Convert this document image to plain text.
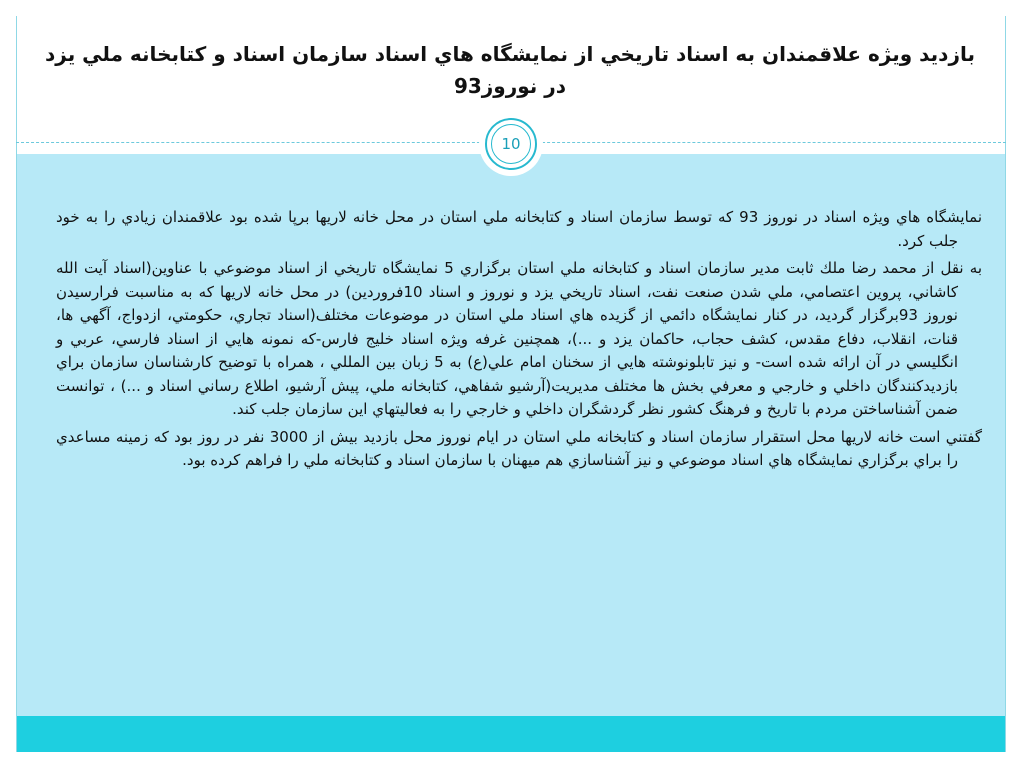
بازديد ويژه علاقمندان به اسناد تاريخي از نمايشگاه هاي اسناد سازمان اسناد و کتابخانه ملي يزد در نوروز93

10

نمايشگاه هاي ويژه اسناد در نوروز 93 كه توسط سازمان اسناد و كتابخانه ملي استان در محل خانه لاريها برپا شده بود علاقمندان زيادي را به خود جلب كرد.

به نقل از محمد رضا ملك ثابت مدير سازمان اسناد و كتابخانه ملي استان برگزاري 5 نمايشگاه تاريخي از اسناد موضوعي با عناوين(اسناد آيت الله كاشاني، پروين اعتصامي، ملي شدن صنعت نفت، اسناد تاريخي يزد و نوروز و اسناد 10فروردين) در محل خانه لاريها كه به مناسبت فرارسيدن نوروز 93برگزار گرديد، در كنار نمايشگاه دائمي از گزيده هاي اسناد ملي استان در موضوعات مختلف(اسناد تجاري، حكومتي، ازدواج، آگهي ها، قنات، انقلاب، دفاع مقدس، كشف حجاب، حاكمان يزد و ...)، همچنين غرفه ويژه اسناد خليج فارس-كه نمونه هايي از اسناد فارسي، عربي و انگليسي در آن ارائه شده است- و نيز تابلونوشته هايي از سخنان امام علي(ع) به 5 زبان بين المللي ، همراه با توضيح كارشناسان سازمان براي بازديدكنندگان داخلي و خارجي و معرفي بخش ها مختلف مديريت(آرشيو شفاهي، كتابخانه ملي، پيش آرشيو، اطلاع رساني اسناد و ...) ، توانست ضمن آشناساختن مردم با تاريخ و فرهنگ كشور نظر گردشگران داخلي و خارجي را به فعاليتهاي اين سازمان جلب كند.

گفتني است خانه لاريها محل استقرار سازمان اسناد و كتابخانه ملي استان در ايام نوروز محل بازديد بيش از 3000 نفر در روز بود كه زمينه مساعدي را براي برگزاري نمايشگاه هاي اسناد موضوعي و نيز آشناسازي هم ميهنان با سازمان اسناد و كتابخانه ملي را فراهم كرده بود.
